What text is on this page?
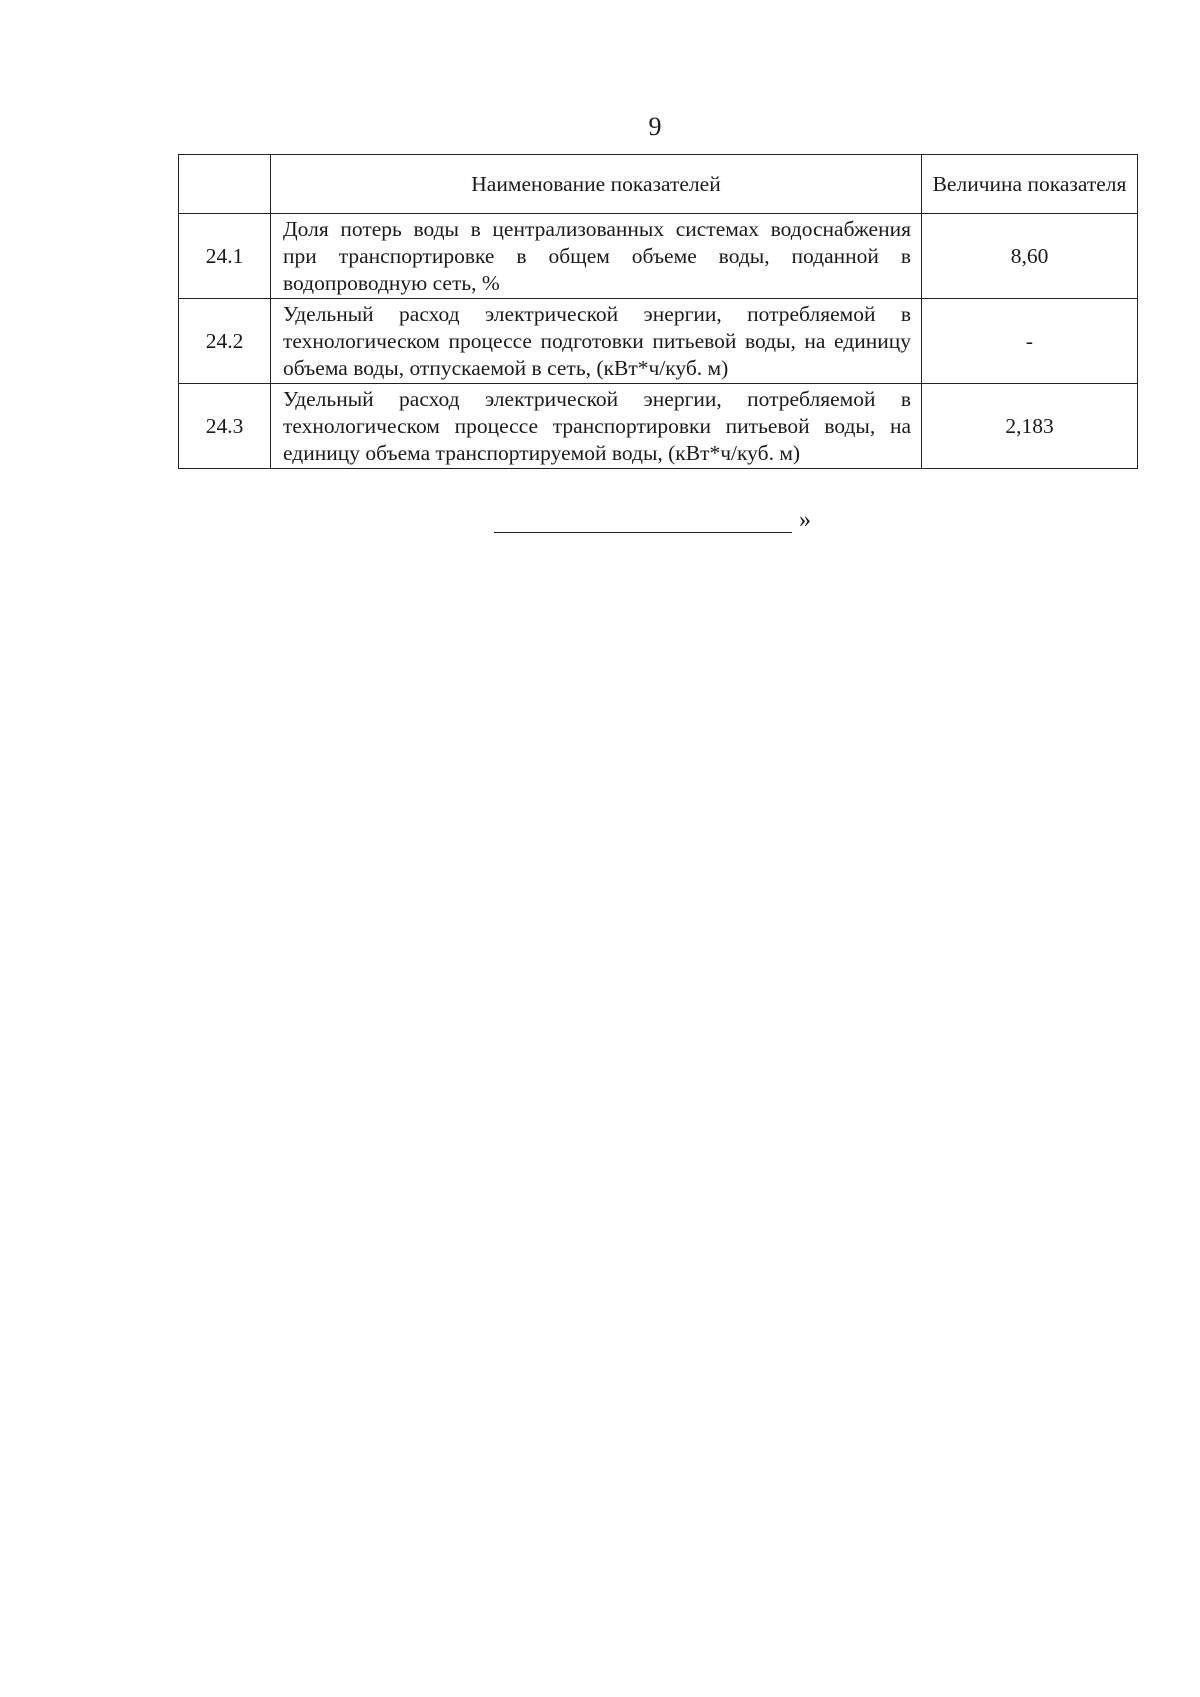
9
	Наименование показателей	Величина показателя
24.1	Доля потерь воды в централизованных системах водоснабжения при транспортировке в общем объеме воды, поданной в водопроводную сеть, %	8,60
24.2	Удельный расход электрической энергии, потребляемой в технологическом процессе подготовки питьевой воды, на единицу объема воды, отпускаемой в сеть, (кВт*ч/куб. м)	-
24.3	Удельный расход электрической энергии, потребляемой в технологическом процессе транспортировки питьевой воды, на единицу объема транспортируемой воды, (кВт*ч/куб. м)	2,183
»
